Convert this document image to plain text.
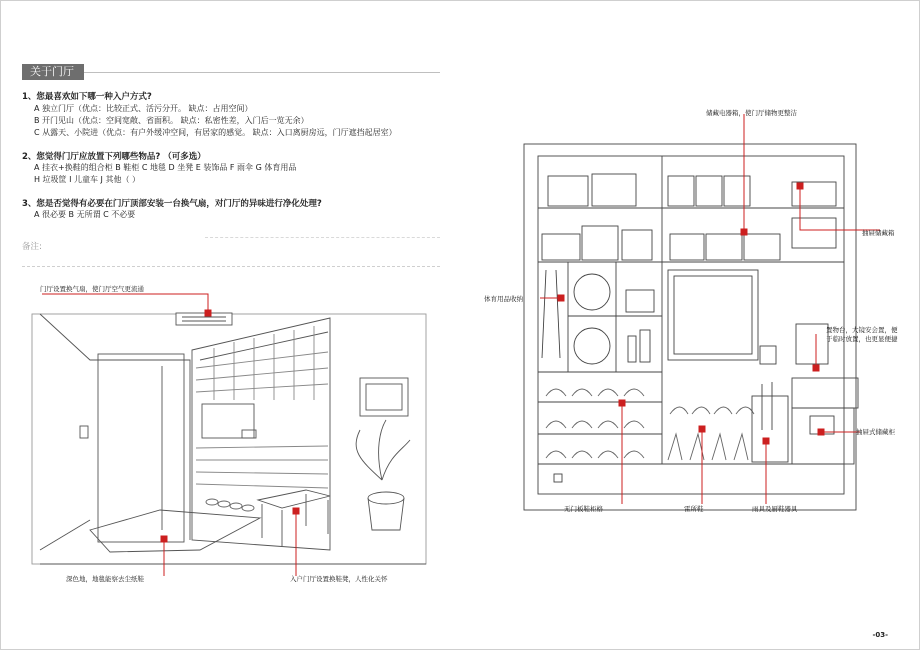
关于门厅
1、您最喜欢如下哪一种入户方式?
A 独立门厅（优点：比较正式、活污分开。 缺点：占用空间）
B 开门见山（优点：空间宽敞、省面积。 缺点：私密性差，入门后一览无余）
C 从露天、小院进（优点：有户外缓冲空间，有居家的感觉。 缺点：入口离厨房远，门厅遮挡起居室）
2、您觉得门厅应放置下列哪些物品? （可多选）
A 挂衣+换鞋的组合柜 B 鞋柜 C 地毯 D 坐凳 E 装饰品 F 雨伞 G 体育用品
H 垃圾筐 I 儿童车 J 其他（ ）
3、您是否觉得有必要在门厅顶部安装一台换气扇，对门厅的异味进行净化处理?
A 很必要 B 无所谓 C 不必要
备注:
门厅设置换气扇，使门厅空气更流通
深色地，地毯能察去尘纸鞋	入户门厅设置换鞋凳，人性化关怀
储藏电器箱，使门厅储物更整洁
抽屉储藏箱
体育用品收纳
置物台，大镜安会置，便于临时放置，也更显便捷
抽屉式储藏柜
无门板鞋柜格	雷所鞋	雨具及厨鞋器具
-03-
